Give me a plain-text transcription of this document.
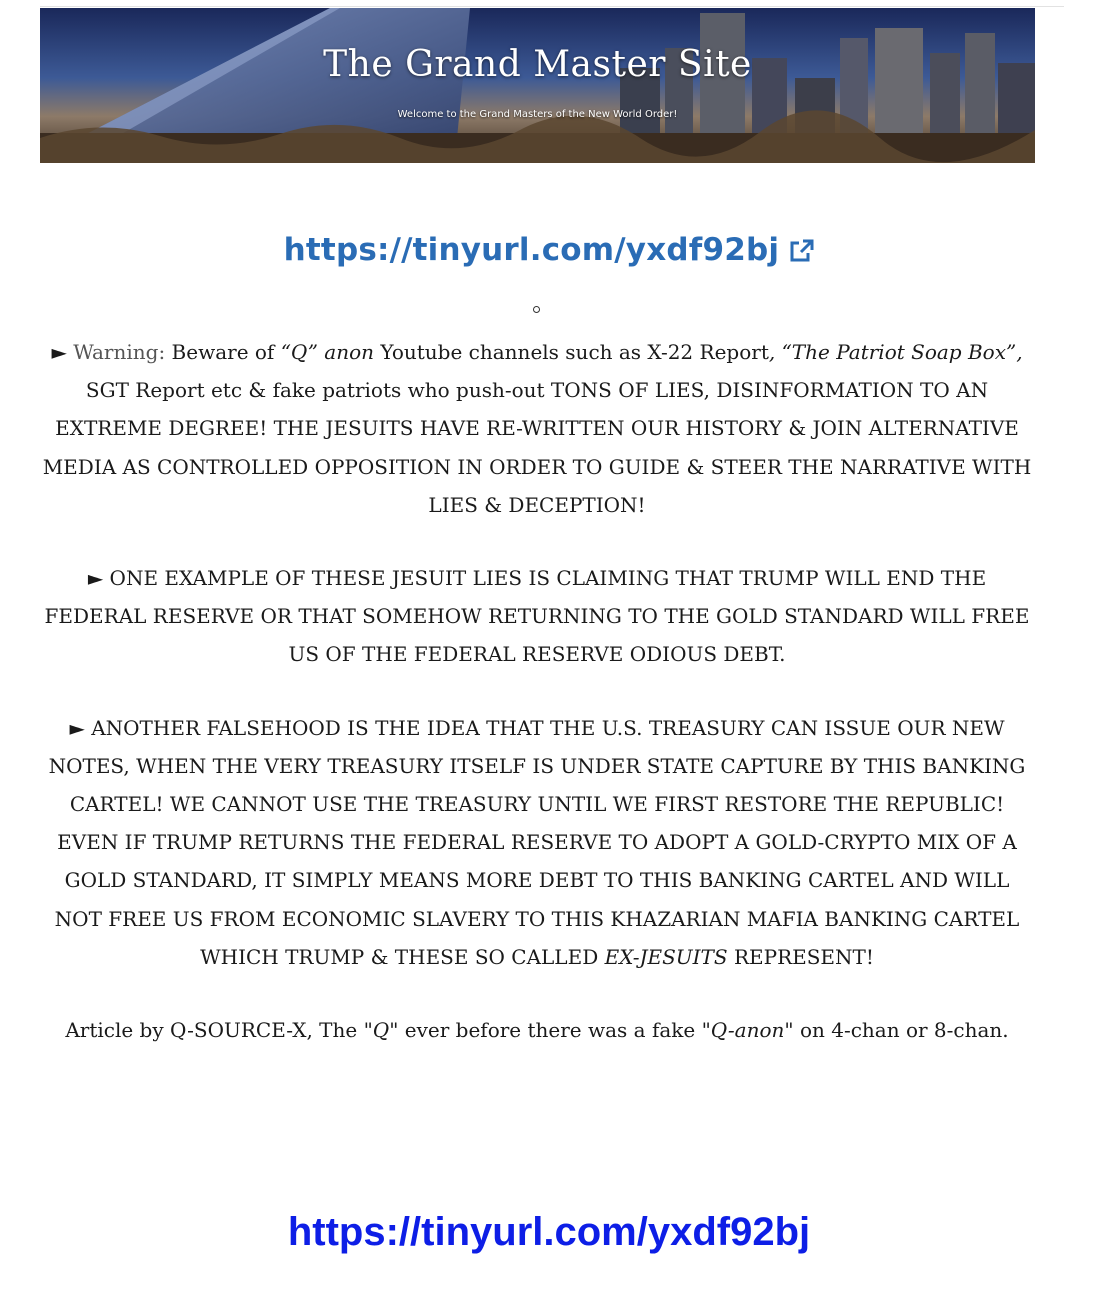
The Grand Master Site
Welcome to the Grand Masters of the New World Order!
https://tinyurl.com/yxdf92bj

► Warning: Beware of “Q” anon Youtube channels such as X-22 Report, “The Patriot Soap Box”, SGT Report etc & fake patriots who push-out TONS OF LIES, DISINFORMATION TO AN EXTREME DEGREE! THE JESUITS HAVE RE-WRITTEN OUR HISTORY & JOIN ALTERNATIVE MEDIA AS CONTROLLED OPPOSITION IN ORDER TO GUIDE & STEER THE NARRATIVE WITH LIES & DECEPTION!

► ONE EXAMPLE OF THESE JESUIT LIES IS CLAIMING THAT TRUMP WILL END THE FEDERAL RESERVE OR THAT SOMEHOW RETURNING TO THE GOLD STANDARD WILL FREE US OF THE FEDERAL RESERVE ODIOUS DEBT.

► ANOTHER FALSEHOOD IS THE IDEA THAT THE U.S. TREASURY CAN ISSUE OUR NEW NOTES, WHEN THE VERY TREASURY ITSELF IS UNDER STATE CAPTURE BY THIS BANKING CARTEL! WE CANNOT USE THE TREASURY UNTIL WE FIRST RESTORE THE REPUBLIC! EVEN IF TRUMP RETURNS THE FEDERAL RESERVE TO ADOPT A GOLD-CRYPTO MIX OF A GOLD STANDARD, IT SIMPLY MEANS MORE DEBT TO THIS BANKING CARTEL AND WILL NOT FREE US FROM ECONOMIC SLAVERY TO THIS KHAZARIAN MAFIA BANKING CARTEL WHICH TRUMP & THESE SO CALLED EX-JESUITS REPRESENT!

Article by Q-SOURCE-X, The "Q" ever before there was a fake "Q-anon" on 4-chan or 8-chan.

https://tinyurl.com/yxdf92bj
